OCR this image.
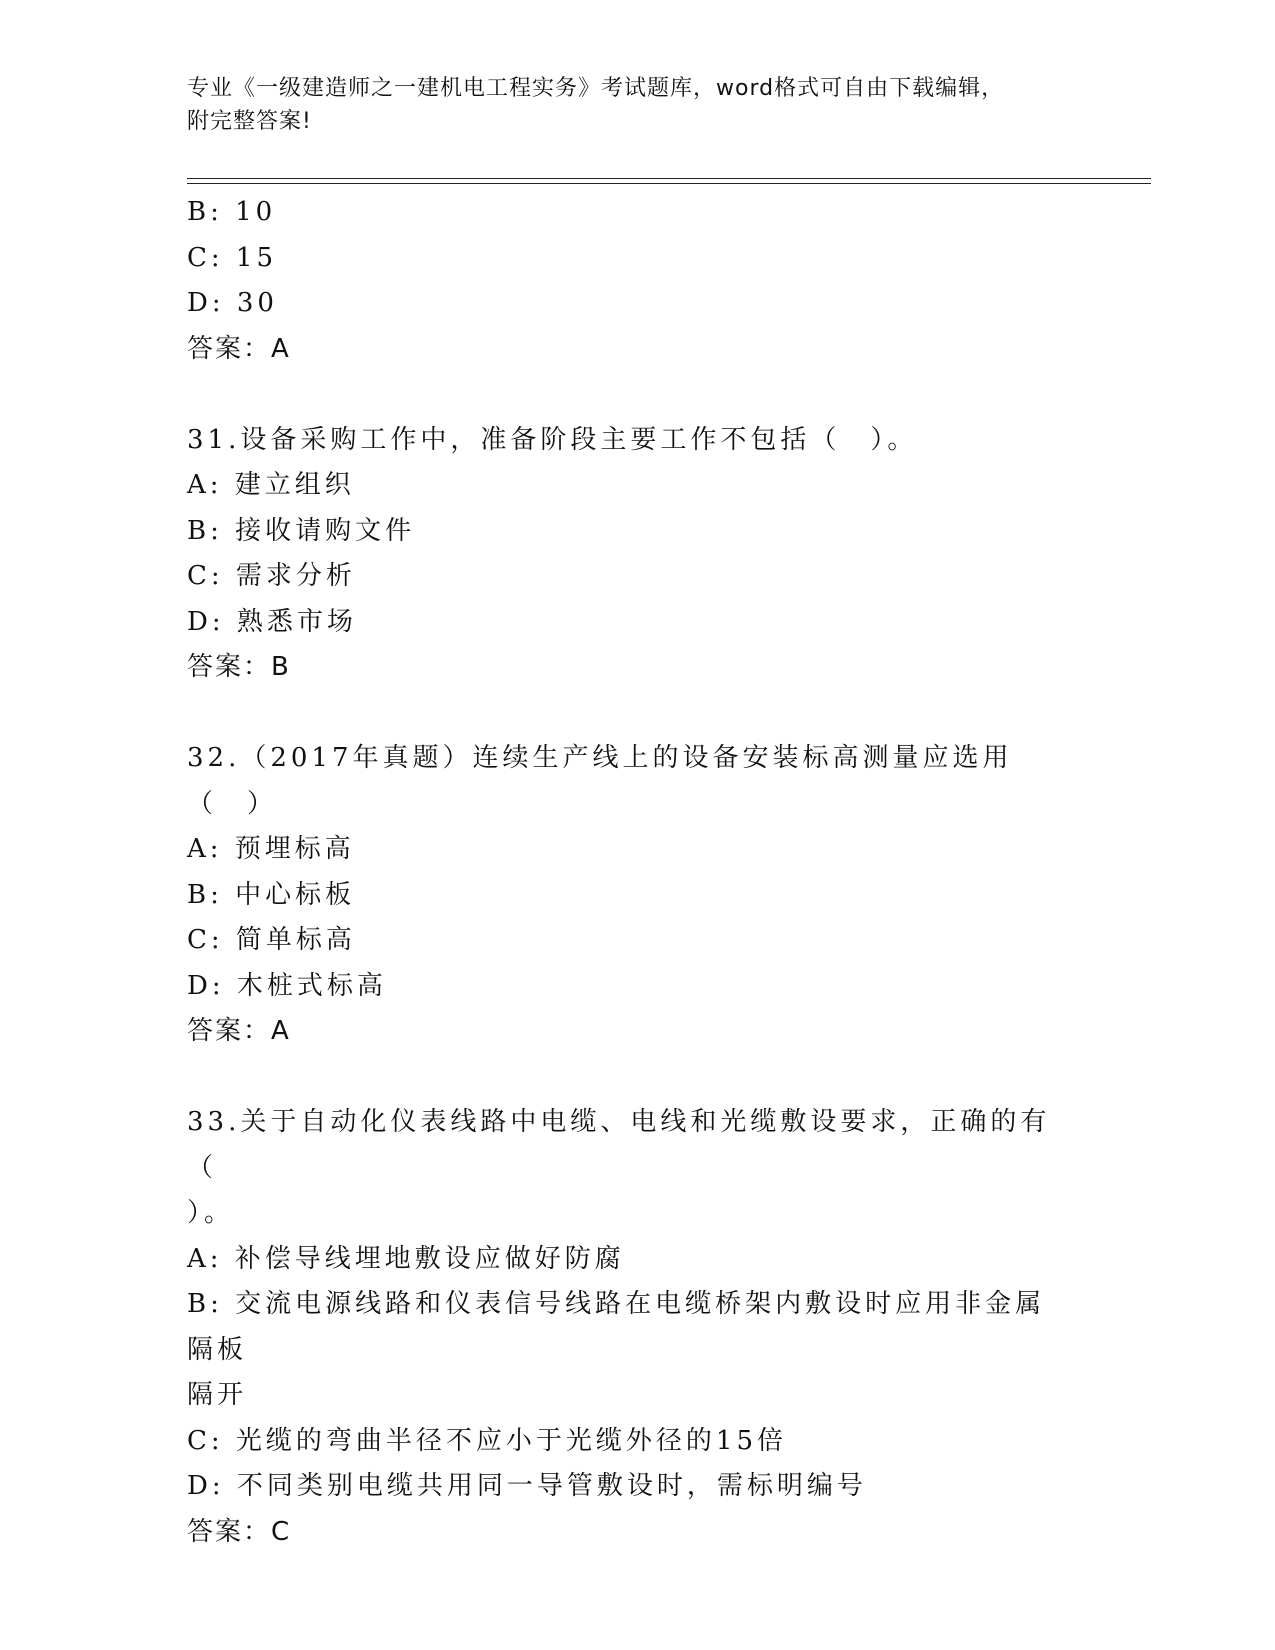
专业《一级建造师之一建机电工程实务》考试题库，word格式可自由下载编辑，
附完整答案!

B: 10

C: 15

D: 30

答案：A

31.设备采购工作中，准备阶段主要工作不包括（　）。

A: 建立组织

B: 接收请购文件

C: 需求分析

D: 熟悉市场

答案：B

32.（2017年真题）连续生产线上的设备安装标高测量应选用（　）

A: 预埋标高

B: 中心标板

C: 简单标高

D: 木桩式标高

答案：A

33.关于自动化仪表线路中电缆、电线和光缆敷设要求，正确的有（

）。

A: 补偿导线埋地敷设应做好防腐

B: 交流电源线路和仪表信号线路在电缆桥架内敷设时应用非金属隔板

隔开

C: 光缆的弯曲半径不应小于光缆外径的15倍

D: 不同类别电缆共用同一导管敷设时，需标明编号

答案：C
